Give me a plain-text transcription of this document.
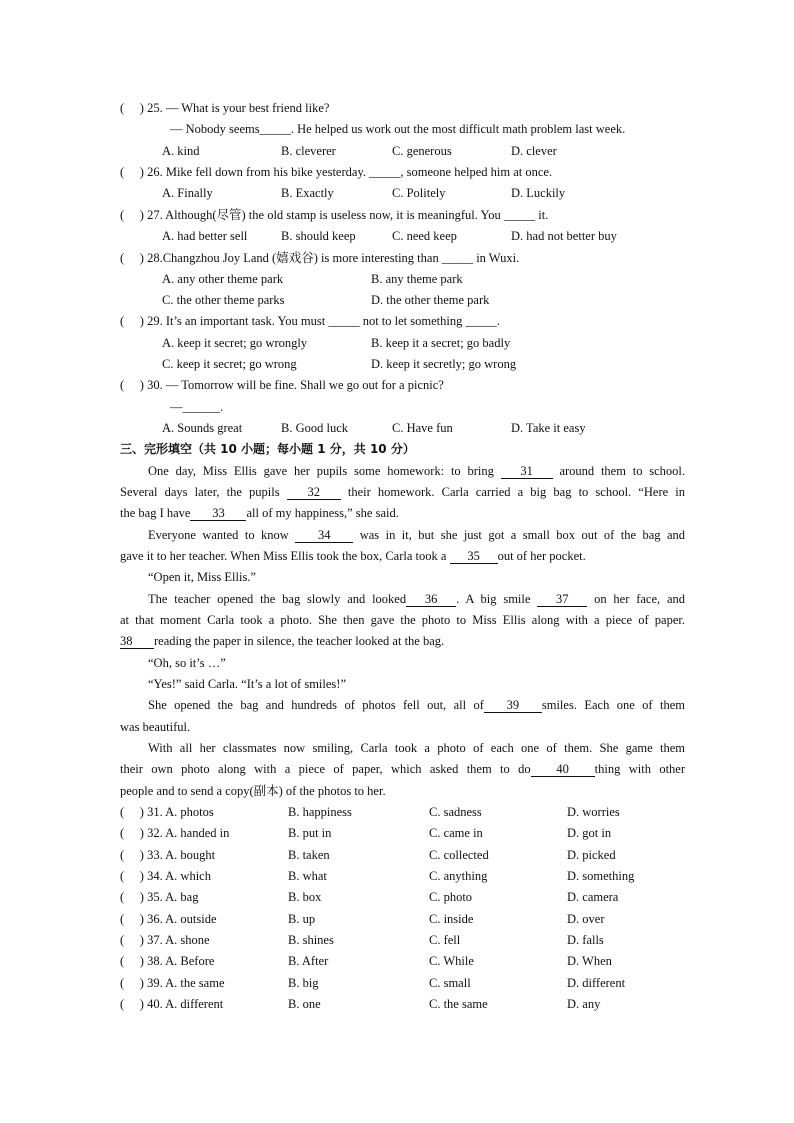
(　 ) 25. — What is your best friend like?
— Nobody seems_____. He helped us work out the most difficult math problem last week.
A. kind	B. cleverer	C. generous	D. clever
(　 ) 26. Mike fell down from his bike yesterday. _____, someone helped him at once.
A. Finally	B. Exactly	C. Politely	D. Luckily
(　 ) 27. Although(尽管) the old stamp is useless now, it is meaningful. You _____ it.
A. had better sell	B. should keep	C. need keep	D. had not better buy
(　 ) 28.Changzhou Joy Land (嬉戏谷) is more interesting than _____ in Wuxi.
A. any other theme park	B. any theme park
C. the other theme parks	D. the other theme park
(　 ) 29. It’s an important task. You must _____ not to let something _____.
A. keep it secret; go wrongly	B. keep it a secret; go badly
C. keep it secret; go wrong	D. keep it secretly; go wrong
(　 ) 30. — Tomorrow will be fine. Shall we go out for a picnic?
—______.
A. Sounds great	B. Good luck	C. Have fun	D. Take it easy
三、完形填空（共 10 小题；每小题 1 分，共 10 分）
One day, Miss Ellis gave her pupils some homework: to bring 31 around them to school.
Several days later, the pupils 32 their homework. Carla carried a big bag to school. “Here in
the bag I have 33 all of my happiness,” she said.
Everyone wanted to know 34 was in it, but she just got a small box out of the bag and
gave it to her teacher. When Miss Ellis took the box, Carla took a 35 out of her pocket.
“Open it, Miss Ellis.”
The teacher opened the bag slowly and looked 36 . A big smile 37 on her face, and
at that moment Carla took a photo. She then gave the photo to Miss Ellis along with a piece of paper.
38 reading the paper in silence, the teacher looked at the bag.
“Oh, so it’s …”
“Yes!” said Carla. “It’s a lot of smiles!”
She opened the bag and hundreds of photos fell out, all of 39 smiles. Each one of them
was beautiful.
With all her classmates now smiling, Carla took a photo of each one of them. She game them
their own photo along with a piece of paper, which asked them to do 40 thing with other
people and to send a copy(副本) of the photos to her.
(　 ) 31. A. photos	B. happiness	C. sadness	D. worries
(　 ) 32. A. handed in	B. put in	C. came in	D. got in
(　 ) 33. A. bought	B. taken	C. collected	D. picked
(　 ) 34. A. which	B. what	C. anything	D. something
(　 ) 35. A. bag	B. box	C. photo	D. camera
(　 ) 36. A. outside	B. up	C. inside	D. over
(　 ) 37. A. shone	B. shines	C. fell	D. falls
(　 ) 38. A. Before	B. After	C. While	D. When
(　 ) 39. A. the same	B. big	C. small	D. different
(　 ) 40. A. different	B. one	C. the same	D. any
